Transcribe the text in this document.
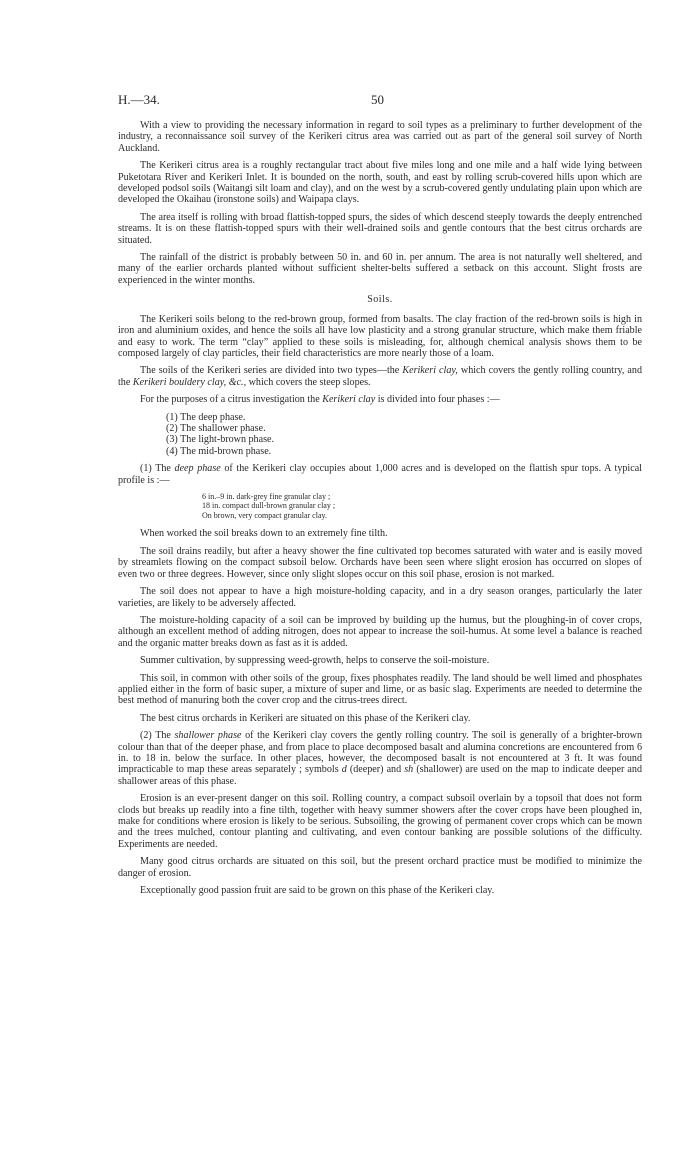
H.—34.	50

With a view to providing the necessary information in regard to soil types as a preliminary to further development of the industry, a reconnaissance soil survey of the Kerikeri citrus area was carried out as part of the general soil survey of North Auckland.

The Kerikeri citrus area is a roughly rectangular tract about five miles long and one mile and a half wide lying between Puketotara River and Kerikeri Inlet. It is bounded on the north, south, and east by rolling scrub-covered hills upon which are developed podsol soils (Waitangi silt loam and clay), and on the west by a scrub-covered gently undulating plain upon which are developed the Okaihau (ironstone soils) and Waipapa clays.

The area itself is rolling with broad flattish-topped spurs, the sides of which descend steeply towards the deeply entrenched streams. It is on these flattish-topped spurs with their well-drained soils and gentle contours that the best citrus orchards are situated.

The rainfall of the district is probably between 50 in. and 60 in. per annum. The area is not naturally well sheltered, and many of the earlier orchards planted without sufficient shelter-belts suffered a setback on this account. Slight frosts are experienced in the winter months.

Soils.

The Kerikeri soils belong to the red-brown group, formed from basalts. The clay fraction of the red-brown soils is high in iron and aluminium oxides, and hence the soils all have low plasticity and a strong granular structure, which make them friable and easy to work. The term “clay” applied to these soils is misleading, for, although chemical analysis shows them to be composed largely of clay particles, their field characteristics are more nearly those of a loam.

The soils of the Kerikeri series are divided into two types—the Kerikeri clay, which covers the gently rolling country, and the Kerikeri bouldery clay, &c., which covers the steep slopes.

For the purposes of a citrus investigation the Kerikeri clay is divided into four phases :—

(1) The deep phase.
(2) The shallower phase.
(3) The light-brown phase.
(4) The mid-brown phase.

(1) The deep phase of the Kerikeri clay occupies about 1,000 acres and is developed on the flattish spur tops. A typical profile is :—

6 in.–9 in. dark-grey fine granular clay ;
18 in. compact dull-brown granular clay ;
On brown, very compact granular clay.

When worked the soil breaks down to an extremely fine tilth.

The soil drains readily, but after a heavy shower the fine cultivated top becomes saturated with water and is easily moved by streamlets flowing on the compact subsoil below. Orchards have been seen where slight erosion has occurred on slopes of even two or three degrees. However, since only slight slopes occur on this soil phase, erosion is not marked.

The soil does not appear to have a high moisture-holding capacity, and in a dry season oranges, particularly the later varieties, are likely to be adversely affected.

The moisture-holding capacity of a soil can be improved by building up the humus, but the ploughing-in of cover crops, although an excellent method of adding nitrogen, does not appear to increase the soil-humus. At some level a balance is reached and the organic matter breaks down as fast as it is added.

Summer cultivation, by suppressing weed-growth, helps to conserve the soil-moisture.

This soil, in common with other soils of the group, fixes phosphates readily. The land should be well limed and phosphates applied either in the form of basic super, a mixture of super and lime, or as basic slag. Experiments are needed to determine the best method of manuring both the cover crop and the citrus-trees direct.

The best citrus orchards in Kerikeri are situated on this phase of the Kerikeri clay.

(2) The shallower phase of the Kerikeri clay covers the gently rolling country. The soil is generally of a brighter-brown colour than that of the deeper phase, and from place to place decomposed basalt and alumina concretions are encountered from 6 in. to 18 in. below the surface. In other places, however, the decomposed basalt is not encountered at 3 ft. It was found impracticable to map these areas separately ; symbols d (deeper) and sh (shallower) are used on the map to indicate deeper and shallower areas of this phase.

Erosion is an ever-present danger on this soil. Rolling country, a compact subsoil overlain by a topsoil that does not form clods but breaks up readily into a fine tilth, together with heavy summer showers after the cover crops have been ploughed in, make for conditions where erosion is likely to be serious. Subsoiling, the growing of permanent cover crops which can be mown and the trees mulched, contour planting and cultivating, and even contour banking are possible solutions of the difficulty. Experiments are needed.

Many good citrus orchards are situated on this soil, but the present orchard practice must be modified to minimize the danger of erosion.

Exceptionally good passion fruit are said to be grown on this phase of the Kerikeri clay.
